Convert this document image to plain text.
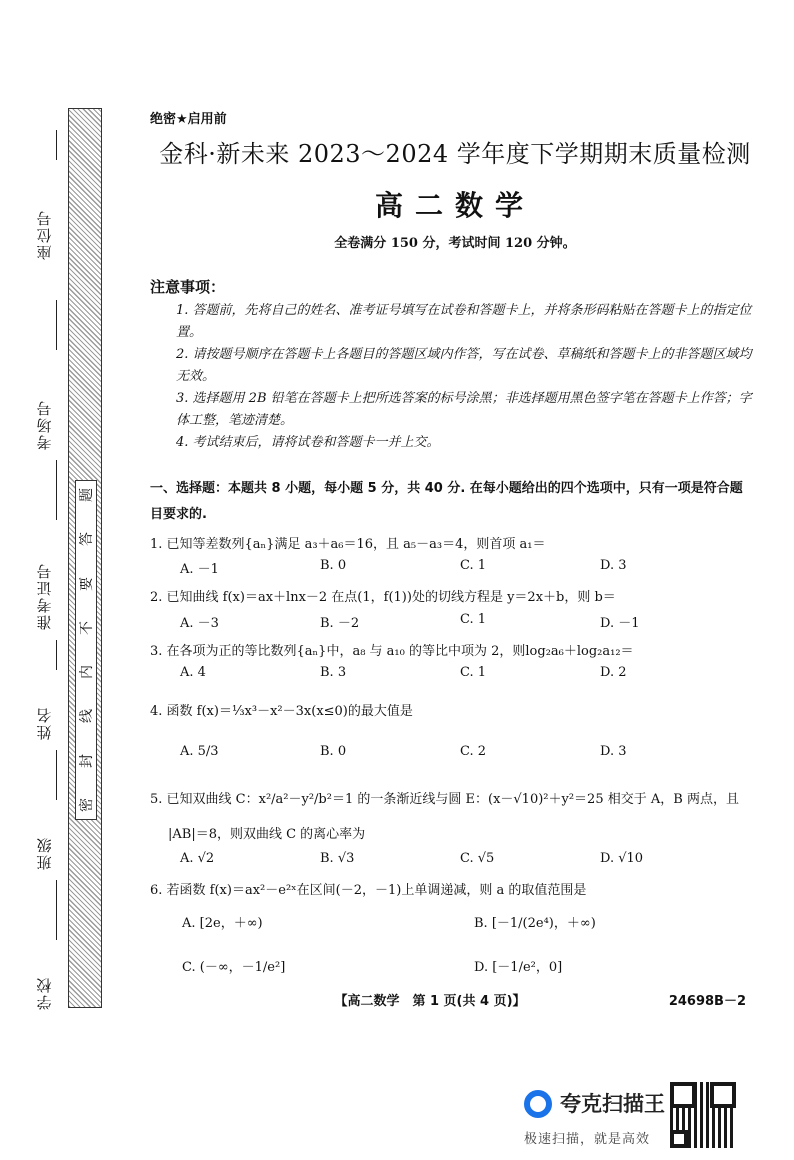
座位号
考场号
准考证号
姓名
班级
学校
密
封
线
内
不
要
答
题
绝密★启用前
金科·新未来 2023～2024 学年度下学期期末质量检测
高二数学
全卷满分 150 分，考试时间 120 分钟。
注意事项：
1. 答题前，先将自己的姓名、准考证号填写在试卷和答题卡上，并将条形码粘贴在答题卡上的指定位置。
2. 请按题号顺序在答题卡上各题目的答题区域内作答，写在试卷、草稿纸和答题卡上的非答题区域均无效。
3. 选择题用 2B 铅笔在答题卡上把所选答案的标号涂黑；非选择题用黑色签字笔在答题卡上作答；字体工整，笔迹清楚。
4. 考试结束后，请将试卷和答题卡一并上交。
一、选择题：本题共 8 小题，每小题 5 分，共 40 分. 在每小题给出的四个选项中，只有一项是符合题目要求的.
1. 已知等差数列{aₙ}满足 a₃＋a₆＝16，且 a₅－a₃＝4，则首项 a₁＝
A. －1	B. 0	C. 1	D. 3
2. 已知曲线 f(x)＝ax＋lnx－2 在点(1，f(1))处的切线方程是 y＝2x＋b，则 b＝
A. －3	B. －2	C. 1	D. －1
3. 在各项为正的等比数列{aₙ}中，a₈ 与 a₁₀ 的等比中项为 2，则log₂a₆＋log₂a₁₂＝
A. 4	B. 3	C. 1	D. 2
4. 函数 f(x)＝⅓x³－x²－3x(x≤0)的最大值是
A. 5/3	B. 0	C. 2	D. 3
5. 已知双曲线 C：x²/a²－y²/b²＝1 的一条渐近线与圆 E：(x－√10)²＋y²＝25 相交于 A，B 两点，且
|AB|＝8，则双曲线 C 的离心率为
A. √2	B. √3	C. √5	D. √10
6. 若函数 f(x)＝ax²－e²ˣ在区间(－2，－1)上单调递减，则 a 的取值范围是
A. [2e，＋∞)	B. [－1/(2e⁴)，＋∞)
C. (－∞，－1/e²]	D. [－1/e²，0]
【高二数学　第 1 页(共 4 页)】	24698B－2
夸克扫描王
极速扫描，就是高效
